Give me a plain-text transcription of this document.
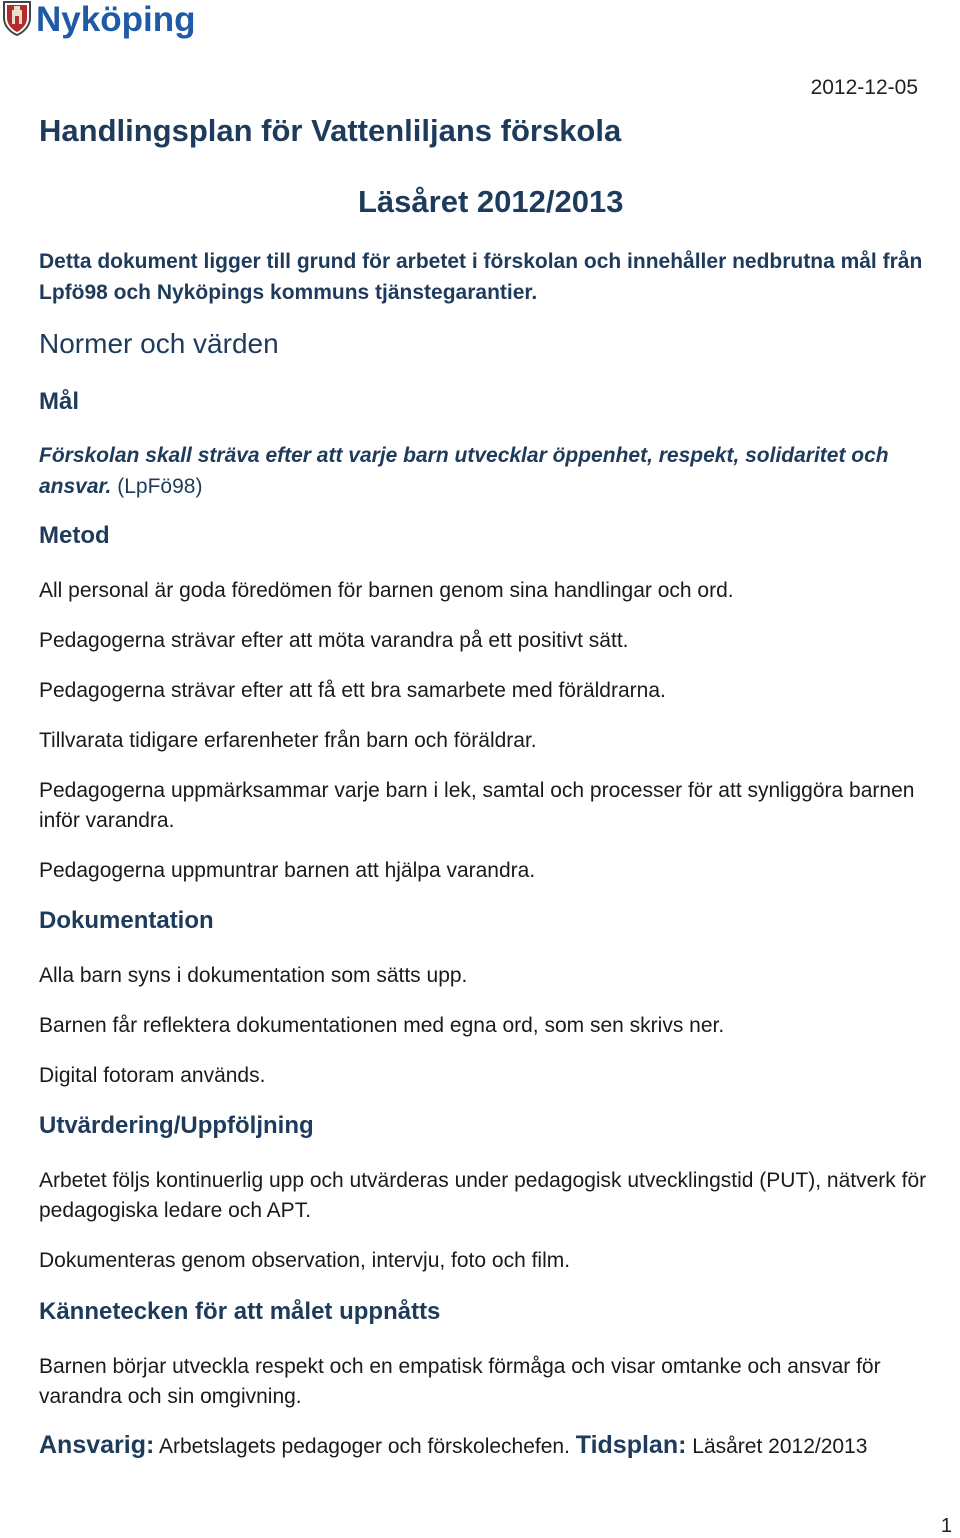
Nyköping
2012-12-05
Handlingsplan för Vattenliljans förskola
Läsåret 2012/2013
Detta dokument ligger till grund för arbetet i förskolan och innehåller nedbrutna mål från Lpfö98 och Nyköpings kommuns tjänstegarantier.
Normer och värden
Mål
Förskolan skall sträva efter att varje barn utvecklar öppenhet, respekt, solidaritet och ansvar. (LpFö98)
Metod
All personal är goda föredömen för barnen genom sina handlingar och ord.
Pedagogerna strävar efter att möta varandra på ett positivt sätt.
Pedagogerna strävar efter att få ett bra samarbete med föräldrarna.
Tillvarata tidigare erfarenheter från barn och föräldrar.
Pedagogerna uppmärksammar varje barn i lek, samtal och processer för att synliggöra barnen inför varandra.
Pedagogerna uppmuntrar barnen att hjälpa varandra.
Dokumentation
Alla barn syns i dokumentation som sätts upp.
Barnen får reflektera dokumentationen med egna ord, som sen skrivs ner.
Digital fotoram används.
Utvärdering/Uppföljning
Arbetet följs kontinuerlig upp och utvärderas under pedagogisk utvecklingstid (PUT), nätverk för pedagogiska ledare och APT.
Dokumenteras genom observation, intervju, foto och film.
Kännetecken för att målet uppnåtts
Barnen börjar utveckla respekt och en empatisk förmåga och visar omtanke och ansvar för varandra och sin omgivning.
Ansvarig: Arbetslagets pedagoger och förskolechefen. Tidsplan: Läsåret 2012/2013
1
